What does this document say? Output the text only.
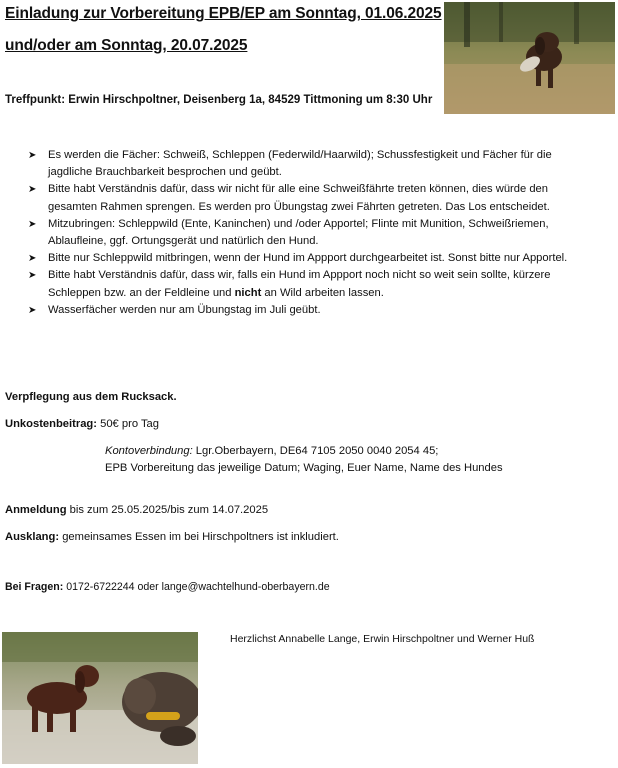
Einladung zur Vorbereitung EPB/EP am Sonntag, 01.06.2025
und/oder am Sonntag, 20.07.2025
Treffpunkt: Erwin Hirschpoltner, Deisenberg 1a, 84529 Tittmoning um 8:30 Uhr
➤ Es werden die Fächer: Schweiß, Schleppen (Federwild/Haarwild); Schussfestigkeit und Fächer für die jagdliche Brauchbarkeit besprochen und geübt.
➤ Bitte habt Verständnis dafür, dass wir nicht für alle eine Schweißfährte treten können, dies würde den gesamten Rahmen sprengen. Es werden pro Übungstag zwei Fährten getreten. Das Los entscheidet.
➤ Mitzubringen: Schleppwild (Ente, Kaninchen) und /oder Apportel; Flinte mit Munition, Schweißriemen, Ablaufleine, ggf. Ortungsgerät und natürlich den Hund.
➤ Bitte nur Schleppwild mitbringen, wenn der Hund im Appport durchgearbeitet ist. Sonst bitte nur Apportel.
➤ Bitte habt Verständnis dafür, dass wir, falls ein Hund im Appport noch nicht so weit sein sollte, kürzere Schleppen bzw. an der Feldleine und nicht an Wild arbeiten lassen.
➤ Wasserfächer werden nur am Übungstag im Juli geübt.
Verpflegung aus dem Rucksack.
Unkostenbeitrag: 50€ pro Tag
Kontoverbindung: Lgr.Oberbayern, DE64 7105 2050 0040 2054 45;
EPB Vorbereitung das jeweilige Datum; Waging, Euer Name, Name des Hundes
Anmeldung bis zum 25.05.2025/bis zum 14.07.2025
Ausklang: gemeinsames Essen im bei Hirschpoltners ist inkludiert.
Bei Fragen: 0172-6722244 oder lange@wachtelhund-oberbayern.de
Herzlichst Annabelle Lange, Erwin Hirschpoltner und Werner Huß
